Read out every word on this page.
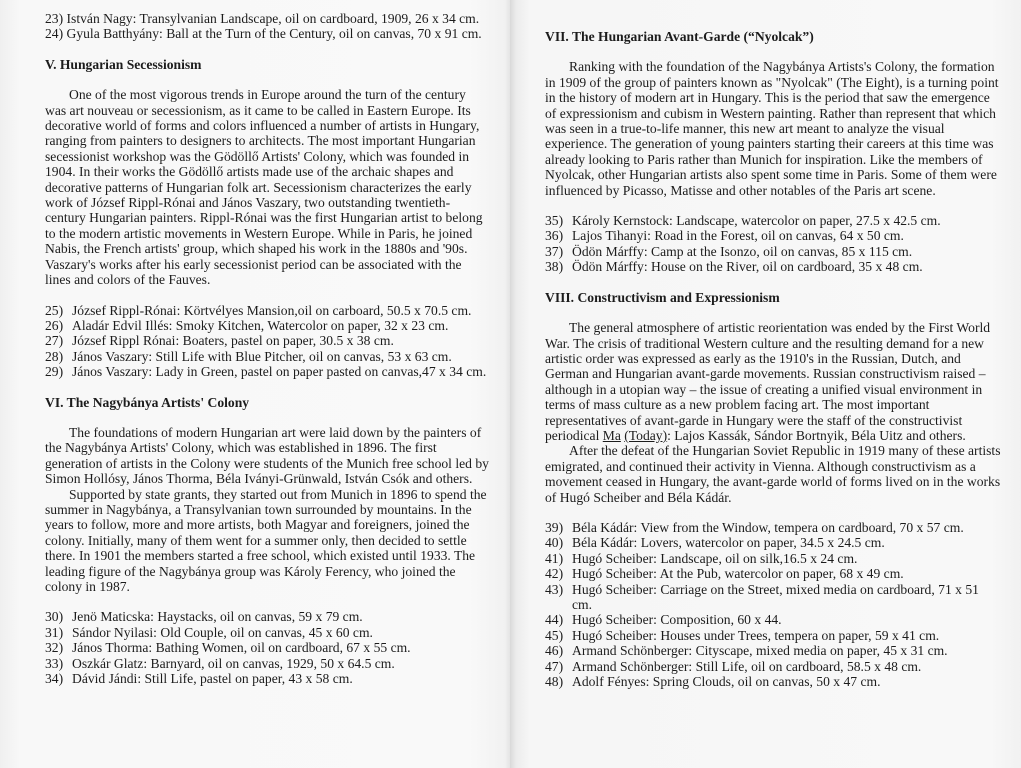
23) István Nagy: Transylvanian Landscape, oil on cardboard, 1909, 26 x 34 cm.
24) Gyula Batthyány: Ball at the Turn of the Century, oil on canvas, 70 x 91 cm.
V. Hungarian Secessionism

One of the most vigorous trends in Europe around the turn of the century was art nouveau or secessionism, as it came to be called in Eastern Europe. Its decorative world of forms and colors influenced a number of artists in Hungary, ranging from painters to designers to architects. The most important Hungarian secessionist workshop was the Gödöllő Artists' Colony, which was founded in 1904. In their works the Gödöllő artists made use of the archaic shapes and decorative patterns of Hungarian folk art. Secessionism characterizes the early work of József Rippl-Rónai and János Vaszary, two outstanding twentieth-century Hungarian painters. Rippl-Rónai was the first Hungarian artist to belong to the modern artistic movements in Western Europe. While in Paris, he joined Nabis, the French artists' group, which shaped his work in the 1880s and '90s. Vaszary's works after his early secessionist period can be associated with the lines and colors of the Fauves.

25) József Rippl-Rónai: Körtvélyes Mansion,oil on carboard, 50.5 x 70.5 cm.
26) Aladár Edvil Illés: Smoky Kitchen, Watercolor on paper, 32 x 23 cm.
27) József Rippl Rónai: Boaters, pastel on paper, 30.5 x 38 cm.
28) János Vaszary: Still Life with Blue Pitcher, oil on canvas, 53 x 63 cm.
29) János Vaszary: Lady in Green, pastel on paper pasted on canvas,47 x 34 cm.
VI. The Nagybánya Artists' Colony

The foundations of modern Hungarian art were laid down by the painters of the Nagybánya Artists' Colony, which was established in 1896. The first generation of artists in the Colony were students of the Munich free school led by Simon Hollósy, János Thorma, Béla Iványi-Grünwald, István Csók and others.

Supported by state grants, they started out from Munich in 1896 to spend the summer in Nagybánya, a Transylvanian town surrounded by mountains. In the years to follow, more and more artists, both Magyar and foreigners, joined the colony. Initially, many of them went for a summer only, then decided to settle there. In 1901 the members started a free school, which existed until 1933. The leading figure of the Nagybánya group was Károly Ferency, who joined the colony in 1987.

30) Jenö Maticska: Haystacks, oil on canvas, 59 x 79 cm.
31) Sándor Nyilasi: Old Couple, oil on canvas, 45 x 60 cm.
32) János Thorma: Bathing Women, oil on cardboard, 67 x 55 cm.
33) Oszkár Glatz: Barnyard, oil on canvas, 1929, 50 x 64.5 cm.
34) Dávid Jándi: Still Life, pastel on paper, 43 x 58 cm.
VII. The Hungarian Avant-Garde (“Nyolcak”)

Ranking with the foundation of the Nagybánya Artists's Colony, the formation in 1909 of the group of painters known as "Nyolcak" (The Eight), is a turning point in the history of modern art in Hungary. This is the period that saw the emergence of expressionism and cubism in Western painting. Rather than represent that which was seen in a true-to-life manner, this new art meant to analyze the visual experience. The generation of young painters starting their careers at this time was already looking to Paris rather than Munich for inspiration. Like the members of Nyolcak, other Hungarian artists also spent some time in Paris. Some of them were influenced by Picasso, Matisse and other notables of the Paris art scene.

35) Károly Kernstock: Landscape, watercolor on paper, 27.5 x 42.5 cm.
36) Lajos Tihanyi: Road in the Forest, oil on canvas, 64 x 50 cm.
37) Ödön Márffy: Camp at the Isonzo, oil on canvas, 85 x 115 cm.
38) Ödön Márffy: House on the River, oil on cardboard, 35 x 48 cm.
VIII. Constructivism and Expressionism

The general atmosphere of artistic reorientation was ended by the First World War. The crisis of traditional Western culture and the resulting demand for a new artistic order was expressed as early as the 1910's in the Russian, Dutch, and German and Hungarian avant-garde movements. Russian constructivism raised – although in a utopian way – the issue of creating a unified visual environment in terms of mass culture as a new problem facing art. The most important representatives of avant-garde in Hungary were the staff of the constructivist periodical Ma (Today): Lajos Kassák, Sándor Bortnyik, Béla Uitz and others.

After the defeat of the Hungarian Soviet Republic in 1919 many of these artists emigrated, and continued their activity in Vienna. Although constructivism as a movement ceased in Hungary, the avant-garde world of forms lived on in the works of Hugó Scheiber and Béla Kádár.

39) Béla Kádár: View from the Window, tempera on cardboard, 70 x 57 cm.
40) Béla Kádár: Lovers, watercolor on paper, 34.5 x 24.5 cm.
41) Hugó Scheiber: Landscape, oil on silk,16.5 x 24 cm.
42) Hugó Scheiber: At the Pub, watercolor on paper, 68 x 49 cm.
43) Hugó Scheiber: Carriage on the Street, mixed media on cardboard, 71 x 51 cm.
44) Hugó Scheiber: Composition, 60 x 44.
45) Hugó Scheiber: Houses under Trees, tempera on paper, 59 x 41 cm.
46) Armand Schönberger: Cityscape, mixed media on paper, 45 x 31 cm.
47) Armand Schönberger: Still Life, oil on cardboard, 58.5 x 48 cm.
48) Adolf Fényes: Spring Clouds, oil on canvas, 50 x 47 cm.
